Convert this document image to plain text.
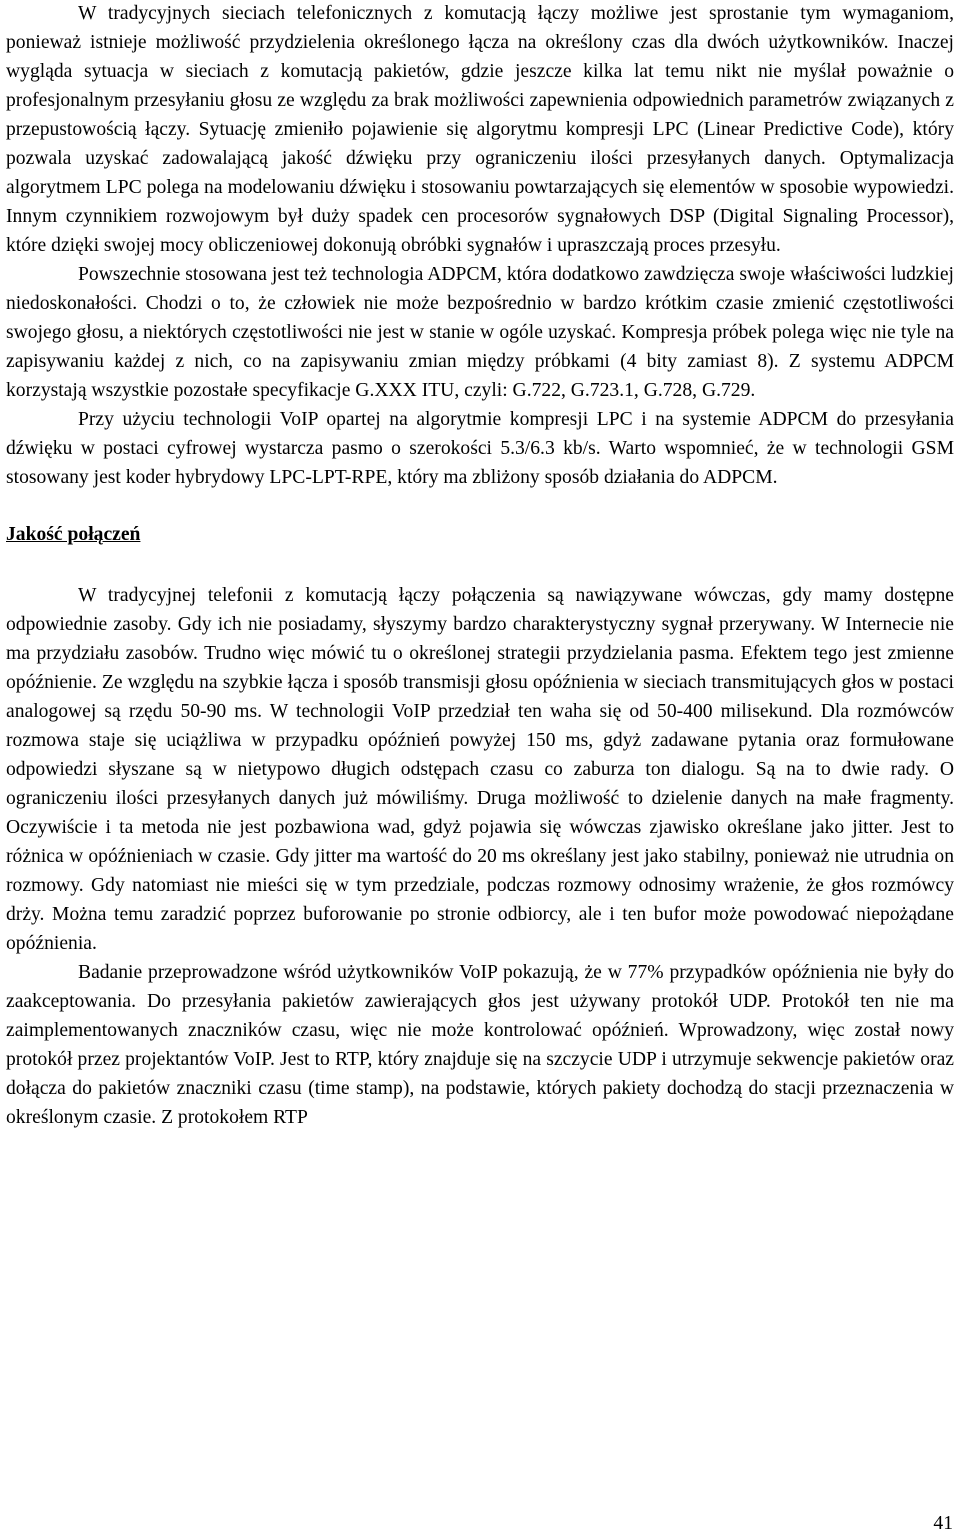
W tradycyjnych sieciach telefonicznych z komutacją łączy możliwe jest sprostanie tym wymaganiom, ponieważ istnieje możliwość przydzielenia określonego łącza na określony czas dla dwóch użytkowników. Inaczej wygląda sytuacja w sieciach z komutacją pakietów, gdzie jeszcze kilka lat temu nikt nie myślał poważnie o profesjonalnym przesyłaniu głosu ze względu za brak możliwości zapewnienia odpowiednich parametrów związanych z przepustowością łączy. Sytuację zmieniło pojawienie się algorytmu kompresji LPC (Linear Predictive Code), który pozwala uzyskać zadowalającą jakość dźwięku przy ograniczeniu ilości przesyłanych danych. Optymalizacja algorytmem LPC polega na modelowaniu dźwięku i stosowaniu powtarzających się elementów w sposobie wypowiedzi. Innym czynnikiem rozwojowym był duży spadek cen procesorów sygnałowych DSP (Digital Signaling Processor), które dzięki swojej mocy obliczeniowej dokonują obróbki sygnałów i upraszczają proces przesyłu.

Powszechnie stosowana jest też technologia ADPCM, która dodatkowo zawdzięcza swoje właściwości ludzkiej niedoskonałości. Chodzi o to, że człowiek nie może bezpośrednio w bardzo krótkim czasie zmienić częstotliwości swojego głosu, a niektórych częstotliwości nie jest w stanie w ogóle uzyskać. Kompresja próbek polega więc nie tyle na zapisywaniu każdej z nich, co na zapisywaniu zmian między próbkami (4 bity zamiast 8). Z systemu ADPCM korzystają wszystkie pozostałe specyfikacje G.XXX ITU, czyli: G.722, G.723.1, G.728, G.729.

Przy użyciu technologii VoIP opartej na algorytmie kompresji LPC i na systemie ADPCM do przesyłania dźwięku w postaci cyfrowej wystarcza pasmo o szerokości 5.3/6.3 kb/s. Warto wspomnieć, że w technologii GSM stosowany jest koder hybrydowy LPC-LPT-RPE, który ma zbliżony sposób działania do ADPCM.

Jakość połączeń

W tradycyjnej telefonii z komutacją łączy połączenia są nawiązywane wówczas, gdy mamy dostępne odpowiednie zasoby. Gdy ich nie posiadamy, słyszymy bardzo charakterystyczny sygnał przerywany. W Internecie nie ma przydziału zasobów. Trudno więc mówić tu o określonej strategii przydzielania pasma. Efektem tego jest zmienne opóźnienie. Ze względu na szybkie łącza i sposób transmisji głosu opóźnienia w sieciach transmitujących głos w postaci analogowej są rzędu 50-90 ms. W technologii VoIP przedział ten waha się od 50-400 milisekund. Dla rozmówców rozmowa staje się uciążliwa w przypadku opóźnień powyżej 150 ms, gdyż zadawane pytania oraz formułowane odpowiedzi słyszane są w nietypowo długich odstępach czasu co zaburza ton dialogu. Są na to dwie rady. O ograniczeniu ilości przesyłanych danych już mówiliśmy. Druga możliwość to dzielenie danych na małe fragmenty. Oczywiście i ta metoda nie jest pozbawiona wad, gdyż pojawia się wówczas zjawisko określane jako jitter. Jest to różnica w opóźnieniach w czasie. Gdy jitter ma wartość do 20 ms określany jest jako stabilny, ponieważ nie utrudnia on rozmowy. Gdy natomiast nie mieści się w tym przedziale, podczas rozmowy odnosimy wrażenie, że głos rozmówcy drży. Można temu zaradzić poprzez buforowanie po stronie odbiorcy, ale i ten bufor może powodować niepożądane opóźnienia.

Badanie przeprowadzone wśród użytkowników VoIP pokazują, że w 77% przypadków opóźnienia nie były do zaakceptowania. Do przesyłania pakietów zawierających głos jest używany protokół UDP. Protokół ten nie ma zaimplementowanych znaczników czasu, więc nie może kontrolować opóźnień. Wprowadzony, więc został nowy protokół przez projektantów VoIP. Jest to RTP, który znajduje się na szczycie UDP i utrzymuje sekwencje pakietów oraz dołącza do pakietów znaczniki czasu (time stamp), na podstawie, których pakiety dochodzą do stacji przeznaczenia w określonym czasie. Z protokołem RTP

41
